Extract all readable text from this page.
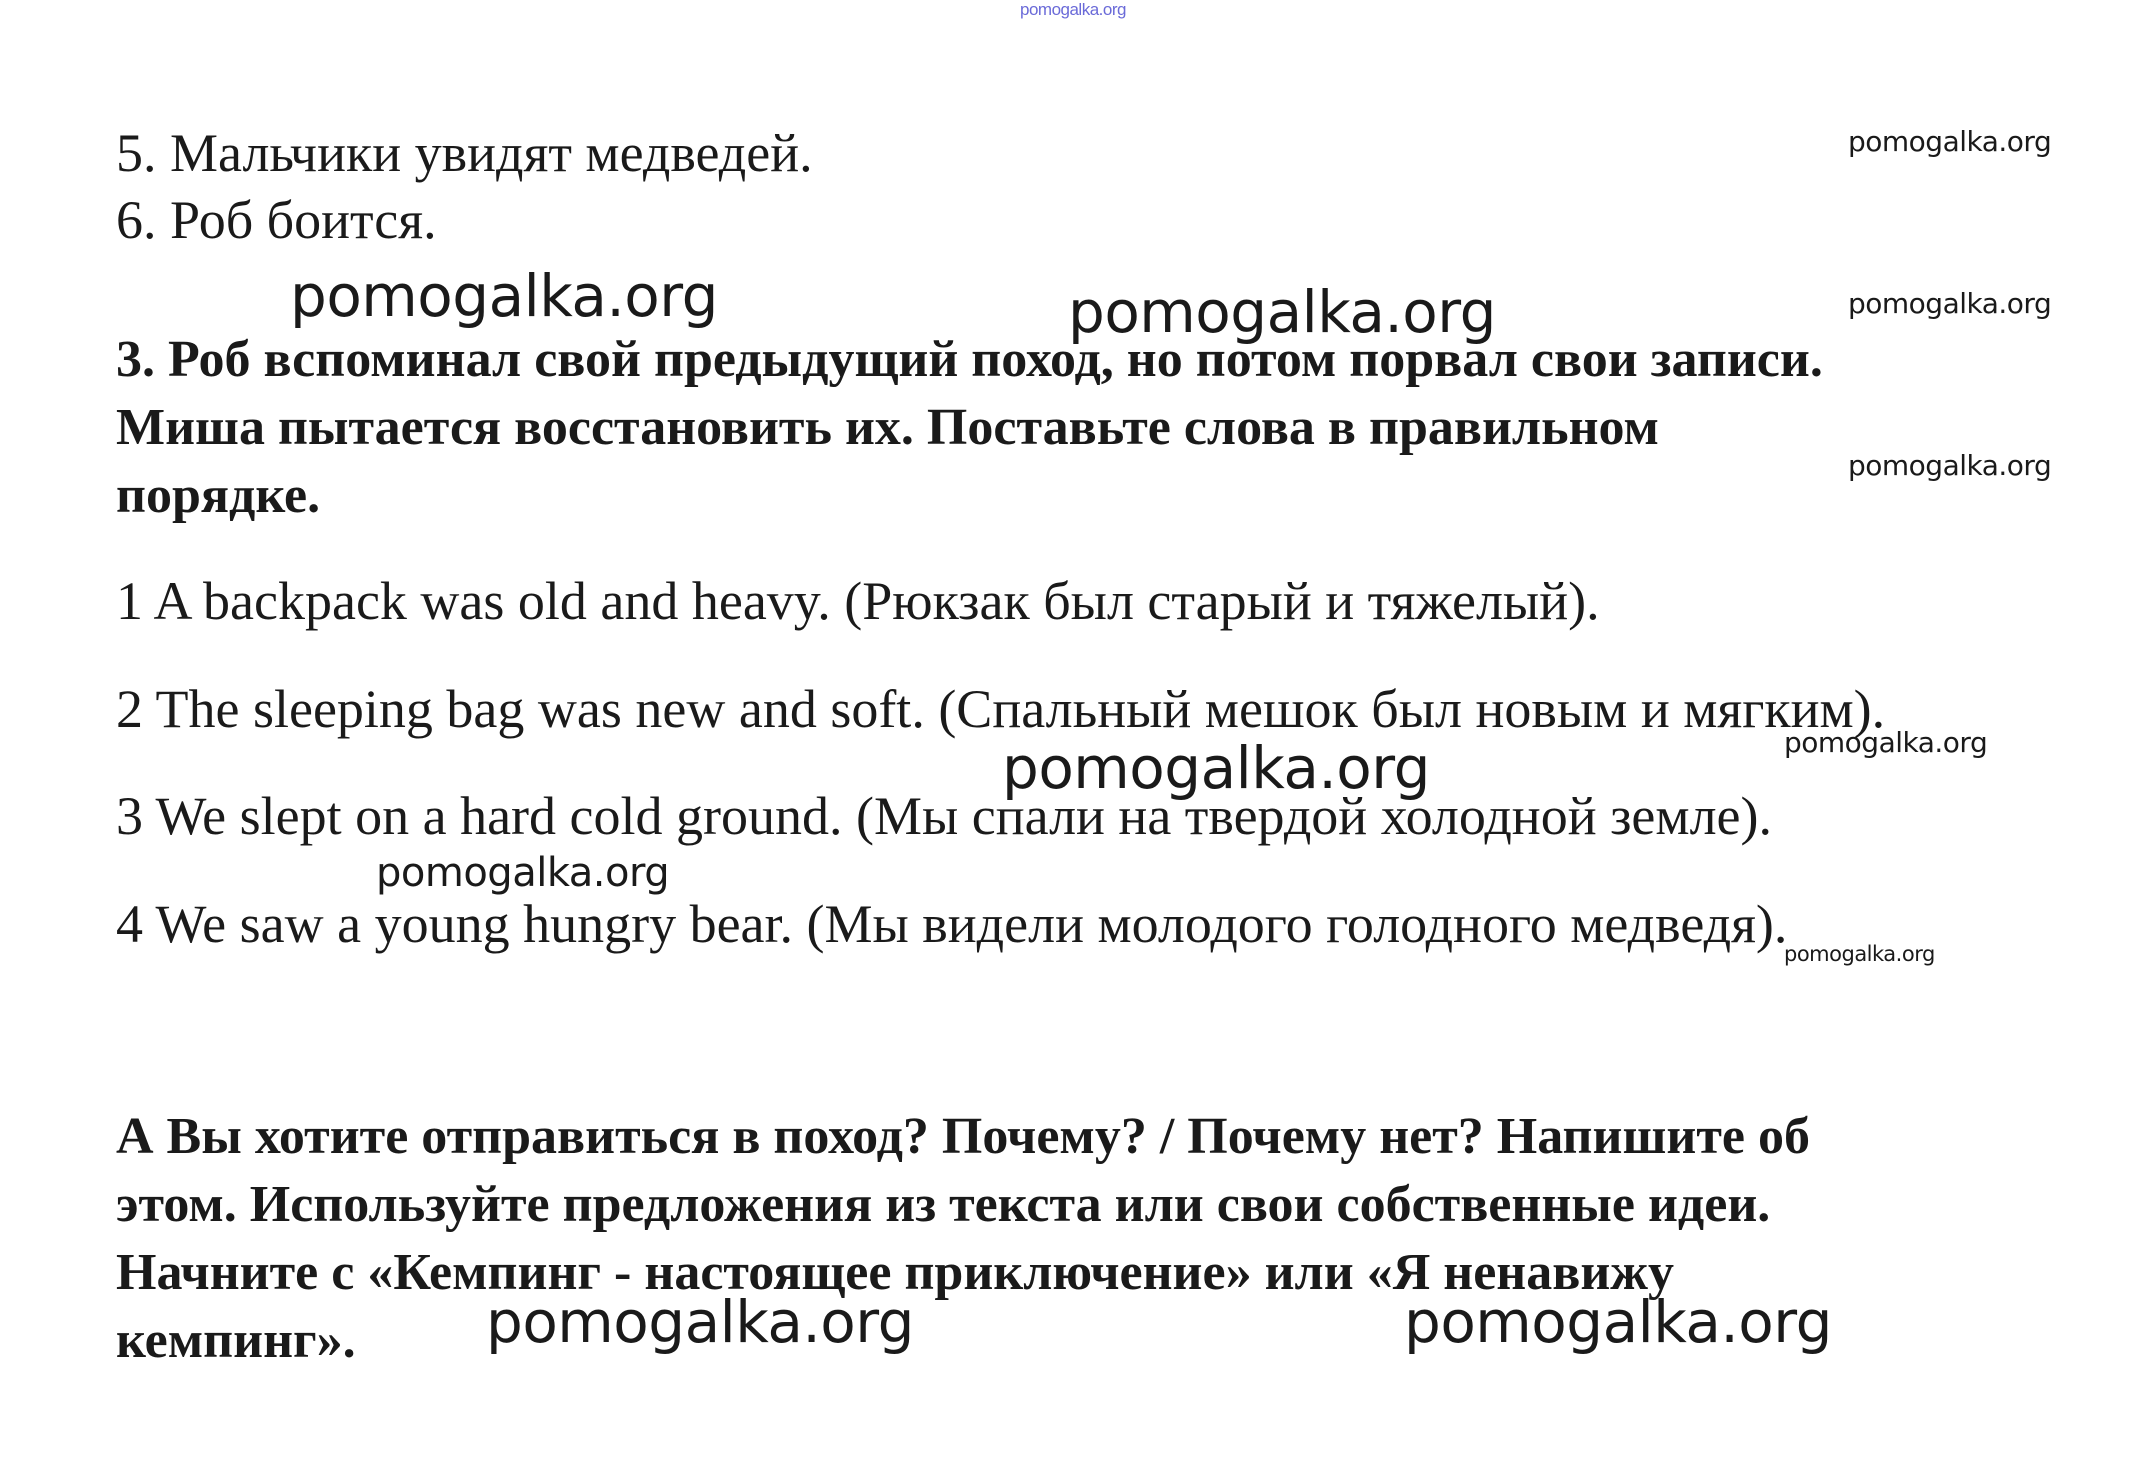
pomogalka.org

5. Мальчики увидят медведей.

6. Роб боится.

3. Роб вспоминал свой предыдущий поход, но потом порвал свои записи.

Миша пытается восстановить их. Поставьте слова в правильном

порядке.

1 A backpack was old and heavy. (Рюкзак был старый и тяжелый).

2 The sleeping bag was new and soft. (Спальный мешок был новым и мягким).

3 We slept on a hard cold ground. (Мы спали на твердой холодной земле).

4 We saw a young hungry bear. (Мы видели молодого голодного медведя).

А Вы хотите отправиться в поход? Почему? / Почему нет? Напишите об

этом. Используйте предложения из текста или свои собственные идеи.

Начните с «Кемпинг - настоящее приключение» или «Я ненавижу

кемпинг».

pomogalka.org
pomogalka.org	pomogalka.org	pomogalka.org
pomogalka.org
pomogalka.org
pomogalka.org
pomogalka.org
pomogalka.org
pomogalka.org	pomogalka.org
